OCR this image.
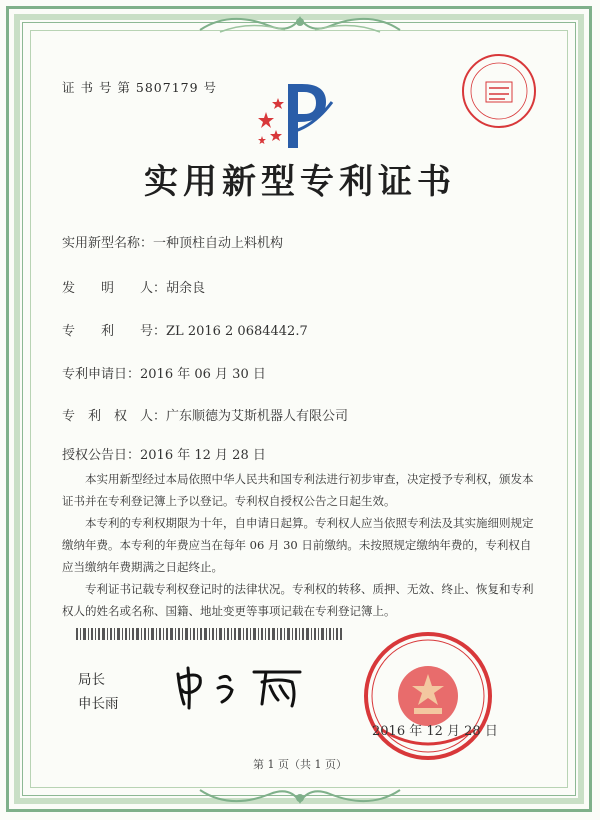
证 书 号 第 5807179 号
实用新型专利证书
实用新型名称：一种顶柱自动上料机构
发　　明　　人：胡余良
专　　利　　号：ZL 2016 2 0684442.7
专利申请日：2016 年 06 月 30 日
专　利　权　人：广东顺德为艾斯机器人有限公司
授权公告日：2016 年 12 月 28 日

本实用新型经过本局依照中华人民共和国专利法进行初步审查，决定授予专利权，颁发本证书并在专利登记簿上予以登记。专利权自授权公告之日起生效。

本专利的专利权期限为十年，自申请日起算。专利权人应当依照专利法及其实施细则规定缴纳年费。本专利的年费应当在每年 06 月 30 日前缴纳。未按照规定缴纳年费的，专利权自应当缴纳年费期满之日起终止。

专利证书记载专利权登记时的法律状况。专利权的转移、质押、无效、终止、恢复和专利权人的姓名或名称、国籍、地址变更等事项记载在专利登记簿上。

局长
申长雨
2016 年 12 月 28 日
第 1 页（共 1 页）
